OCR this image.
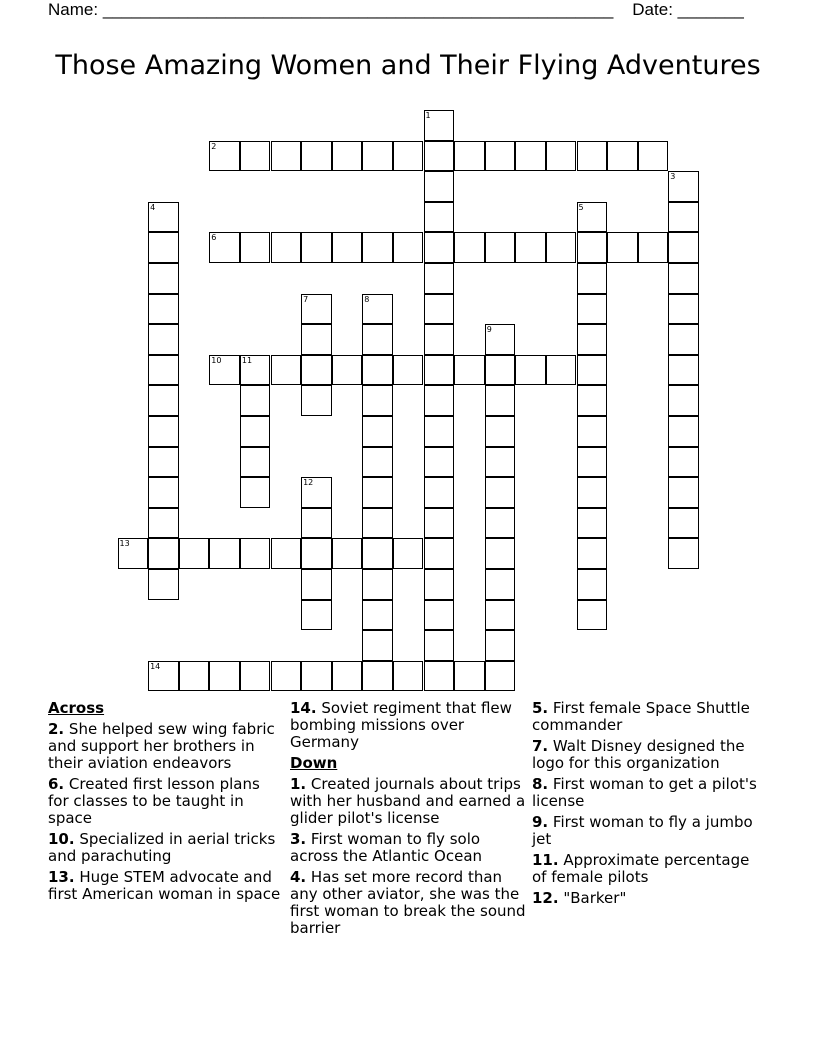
Name: ______________________________________________________ Date: _______
Those Amazing Women and Their Flying Adventures
1
2
3
4	5
6
7	8
9
10	11
12
13
14
Across
2. She helped sew wing fabric and support her brothers in their aviation endeavors
6. Created first lesson plans for classes to be taught in space
10. Specialized in aerial tricks and parachuting
13. Huge STEM advocate and first American woman in space
14. Soviet regiment that flew bombing missions over Germany
Down
1. Created journals about trips with her husband and earned a glider pilot's license
3. First woman to fly solo across the Atlantic Ocean
4. Has set more record than any other aviator, she was the first woman to break the sound barrier
5. First female Space Shuttle commander
7. Walt Disney designed the logo for this organization
8. First woman to get a pilot's license
9. First woman to fly a jumbo jet
11. Approximate percentage of female pilots
12. "Barker"
